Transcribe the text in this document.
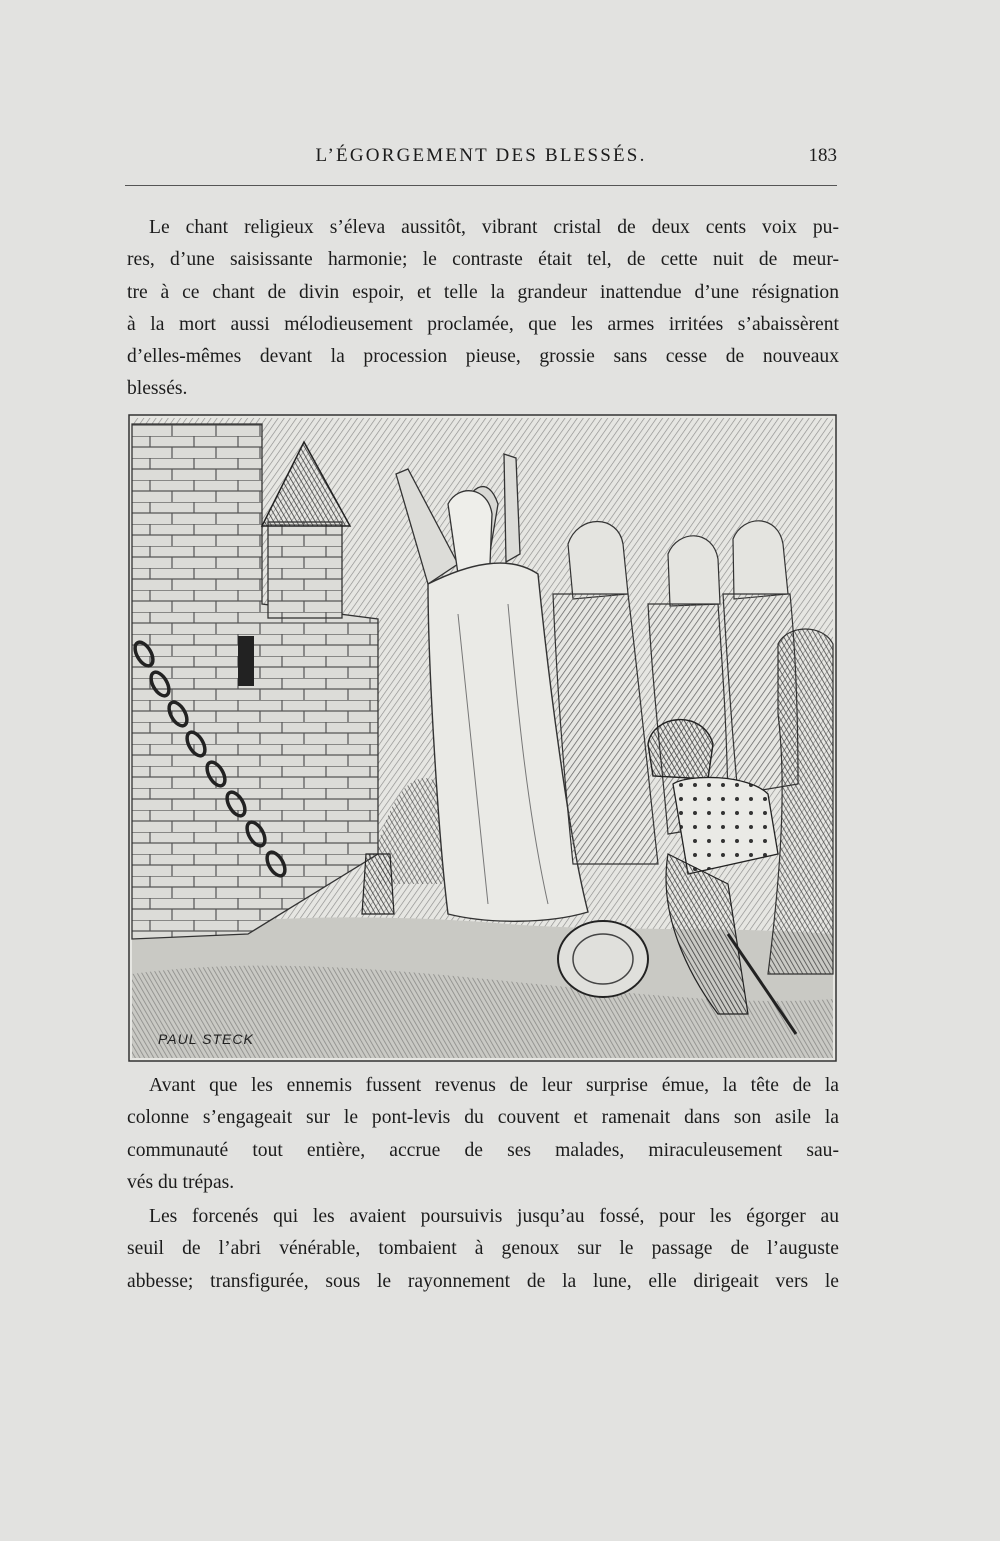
L’ÉGORGEMENT DES BLESSÉS.	183
Le chant religieux s’éleva aussitôt, vibrant cristal de deux cents voix pu-
res, d’une saisissante harmonie; le contraste était tel, de cette nuit de meur-
tre à ce chant de divin espoir, et telle la grandeur inattendue d’une résignation
à la mort aussi mélodieusement proclamée, que les armes irritées s’abaissèrent
d’elles-mêmes devant la procession pieuse, grossie sans cesse de nouveaux
blessés.
PAUL STECK
Avant que les ennemis fussent revenus de leur surprise émue, la tête de la
colonne s’engageait sur le pont-levis du couvent et ramenait dans son asile la
communauté tout entière, accrue de ses malades, miraculeusement sau-
vés du trépas.
Les forcenés qui les avaient poursuivis jusqu’au fossé, pour les égorger au
seuil de l’abri vénérable, tombaient à genoux sur le passage de l’auguste
abbesse; transfigurée, sous le rayonnement de la lune, elle dirigeait vers le
